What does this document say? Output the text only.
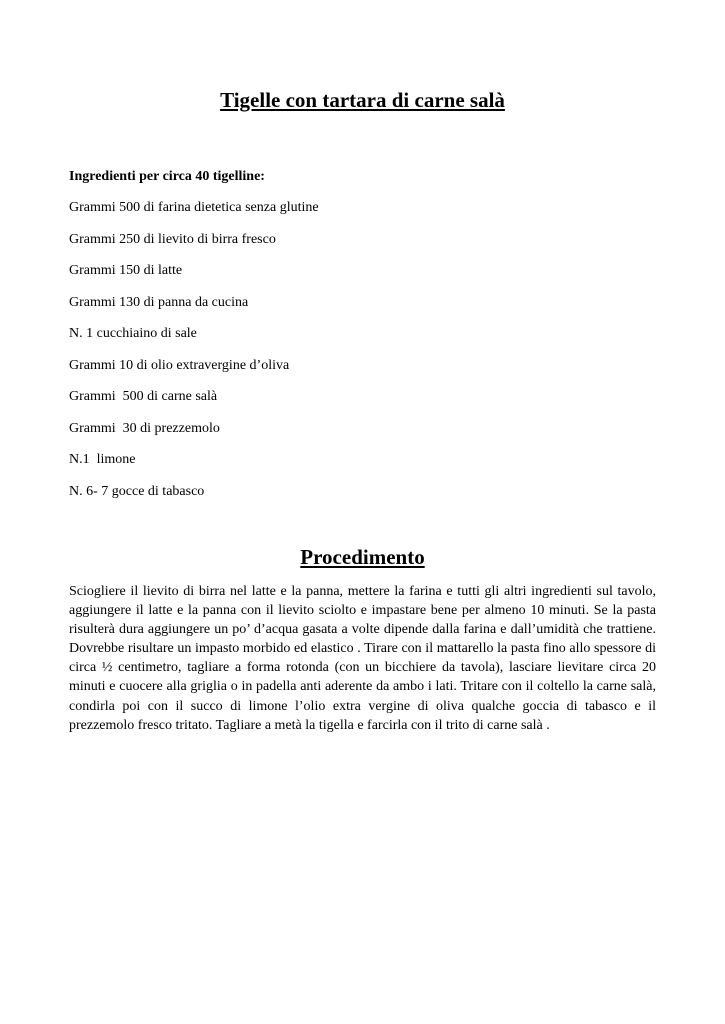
Tigelle con tartara di carne salà

Ingredienti per circa 40 tigelline:

Grammi 500 di farina dietetica senza glutine
Grammi 250 di lievito di birra fresco
Grammi 150 di latte
Grammi 130 di panna da cucina
N. 1 cucchiaino di sale
Grammi 10 di olio extravergine d’oliva
Grammi  500 di carne salà
Grammi  30 di prezzemolo
N.1  limone
N. 6- 7 gocce di tabasco
Procedimento

Sciogliere il lievito di birra nel latte e la panna, mettere la farina e tutti gli altri ingredienti sul tavolo, aggiungere il latte e la panna con il lievito sciolto e impastare bene per almeno 10 minuti. Se la pasta risulterà dura aggiungere un po’ d’acqua gasata a volte dipende dalla farina e dall’umidità che trattiene. Dovrebbe risultare un impasto morbido ed elastico . Tirare con il mattarello la pasta fino allo spessore di circa ½ centimetro, tagliare a forma rotonda (con un bicchiere da tavola), lasciare lievitare circa 20 minuti e cuocere alla griglia o in padella anti aderente da ambo i lati. Tritare con il coltello la carne salà, condirla poi con il succo di limone l’olio extra vergine di oliva qualche goccia di tabasco e il prezzemolo fresco tritato. Tagliare a metà la tigella e farcirla con il trito di carne salà .
